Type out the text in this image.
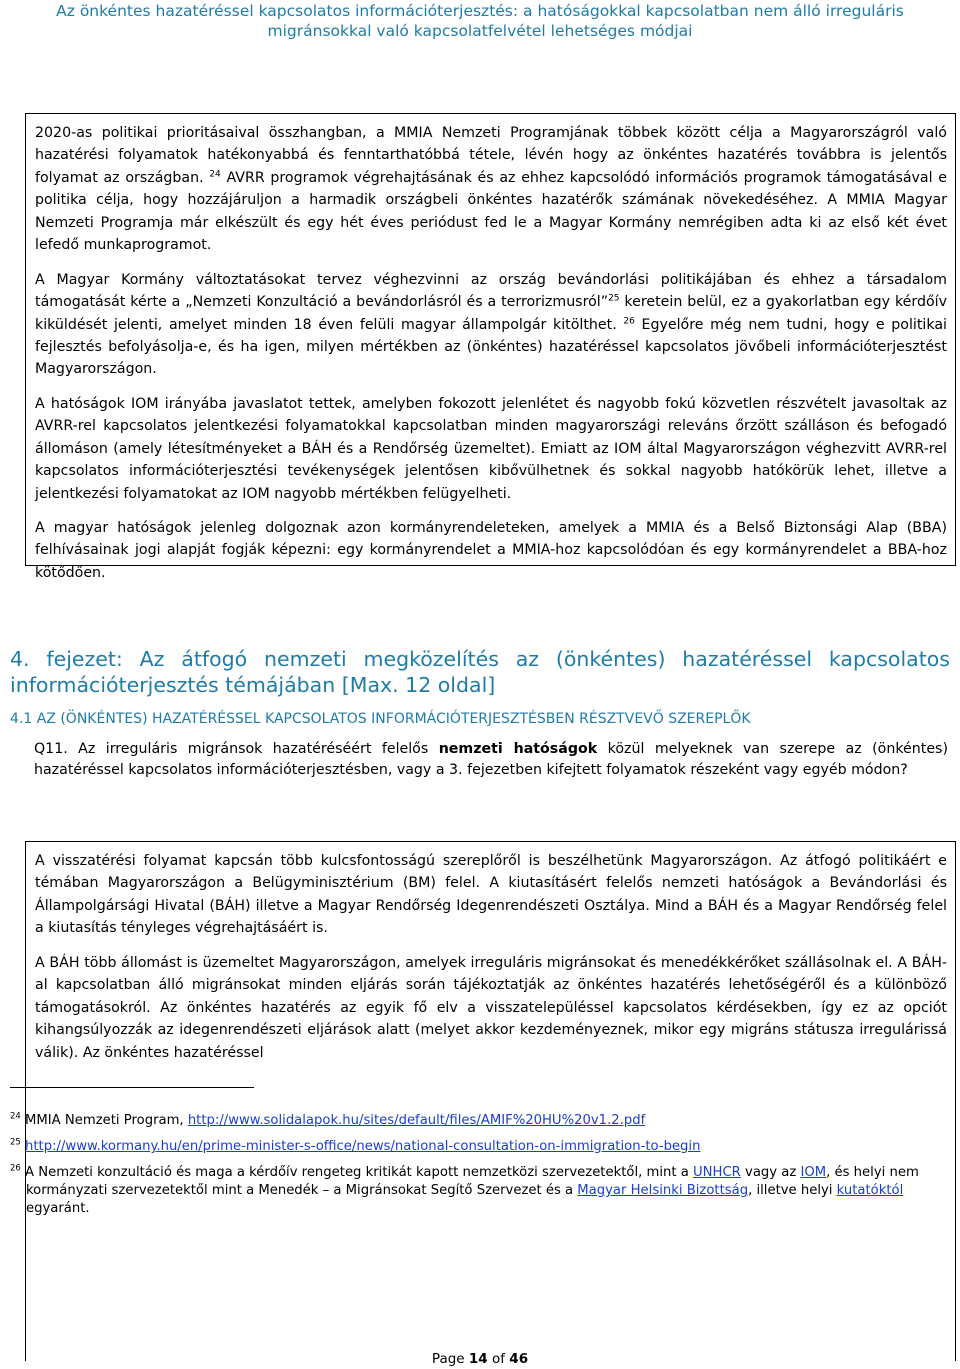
Az önkéntes hazatéréssel kapcsolatos információterjesztés: a hatóságokkal kapcsolatban nem álló irreguláris
migránsokkal való kapcsolatfelvétel lehetséges módjai

2020-as politikai prioritásaival összhangban, a MMIA Nemzeti Programjának többek között célja a Magyarországról való hazatérési folyamatok hatékonyabbá és fenntarthatóbbá tétele, lévén hogy az önkéntes hazatérés továbbra is jelentős folyamat az országban. $^{24}$ AVRR programok végrehajtásának és az ehhez kapcsolódó információs programok támogatásával e politika célja, hogy hozzájáruljon a harmadik országbeli önkéntes hazatérők számának növekedéséhez. A MMIA Magyar Nemzeti Programja már elkészült és egy hét éves periódust fed le a Magyar Kormány nemrégiben adta ki az első két évet lefedő munkaprogramot.

A Magyar Kormány változtatásokat tervez véghezvinni az ország bevándorlási politikájában és ehhez a társadalom támogatását kérte a „Nemzeti Konzultáció a bevándorlásról és a terrorizmusról”$^{25}$ keretein belül, ez a gyakorlatban egy kérdőív kiküldését jelenti, amelyet minden 18 éven felüli magyar állampolgár kitölthet. $^{26}$ Egyelőre még nem tudni, hogy e politikai fejlesztés befolyásolja-e, és ha igen, milyen mértékben az (önkéntes) hazatéréssel kapcsolatos jövőbeli információterjesztést Magyarországon.

A hatóságok IOM irányába javaslatot tettek, amelyben fokozott jelenlétet és nagyobb fokú közvetlen részvételt javasoltak az AVRR-rel kapcsolatos jelentkezési folyamatokkal kapcsolatban minden magyarországi releváns őrzött szálláson és befogadó állomáson (amely létesítményeket a BÁH és a Rendőrség üzemeltet). Emiatt az IOM által Magyarországon véghezvitt AVRR-rel kapcsolatos információterjesztési tevékenységek jelentősen kibővülhetnek és sokkal nagyobb hatókörük lehet, illetve a jelentkezési folyamatokat az IOM nagyobb mértékben felügyelheti.

A magyar hatóságok jelenleg dolgoznak azon kormányrendeleteken, amelyek a MMIA és a Belső Biztonsági Alap (BBA) felhívásainak jogi alapját fogják képezni: egy kormányrendelet a MMIA-hoz kapcsolódóan és egy kormányrendelet a BBA-hoz kötődően.

4. fejezet: Az átfogó nemzeti megközelítés az (önkéntes) hazatéréssel kapcsolatos információterjesztés témájában [Max. 12 oldal]
4.1 AZ (ÖNKÉNTES) HAZATÉRÉSSEL KAPCSOLATOS INFORMÁCIÓTERJESZTÉSBEN RÉSZTVEVŐ SZEREPLŐK

Q11. Az irreguláris migránsok hazatéréséért felelős nemzeti hatóságok közül melyeknek van szerepe az (önkéntes) hazatéréssel kapcsolatos információterjesztésben, vagy a 3. fejezetben kifejtett folyamatok részeként vagy egyéb módon?

A visszatérési folyamat kapcsán több kulcsfontosságú szereplőről is beszélhetünk Magyarországon. Az átfogó politikáért e témában Magyarországon a Belügyminisztérium (BM) felel. A kiutasításért felelős nemzeti hatóságok a Bevándorlási és Állampolgársági Hivatal (BÁH) illetve a Magyar Rendőrség Idegenrendészeti Osztálya. Mind a BÁH és a Magyar Rendőrség felel a kiutasítás tényleges végrehajtásáért is.

A BÁH több állomást is üzemeltet Magyarországon, amelyek irreguláris migránsokat és menedékkérőket szállásolnak el. A BÁH-al kapcsolatban álló migránsokat minden eljárás során tájékoztatják az önkéntes hazatérés lehetőségéről és a különböző támogatásokról. Az önkéntes hazatérés az egyik fő elv a visszatelepüléssel kapcsolatos kérdésekben, így ez az opciót kihangsúlyozzák az idegenrendészeti eljárások alatt (melyet akkor kezdeményeznek, mikor egy migráns státusza irregulárissá válik). Az önkéntes hazatéréssel

$^{24}$ MMIA Nemzeti Program, http://www.solidalapok.hu/sites/default/files/AMIF%20HU%20v1.2.pdf
$^{25}$ http://www.kormany.hu/en/prime-minister-s-office/news/national-consultation-on-immigration-to-begin
$^{26}$ A Nemzeti konzultáció és maga a kérdőív rengeteg kritikát kapott nemzetközi szervezetektől, mint a UNHCR vagy az IOM, és helyi nem kormányzati szervezetektől mint a Menedék – a Migránsokat Segítő Szervezet és a Magyar Helsinki Bizottság, illetve helyi kutatóktól egyaránt.
Page 14 of 46
